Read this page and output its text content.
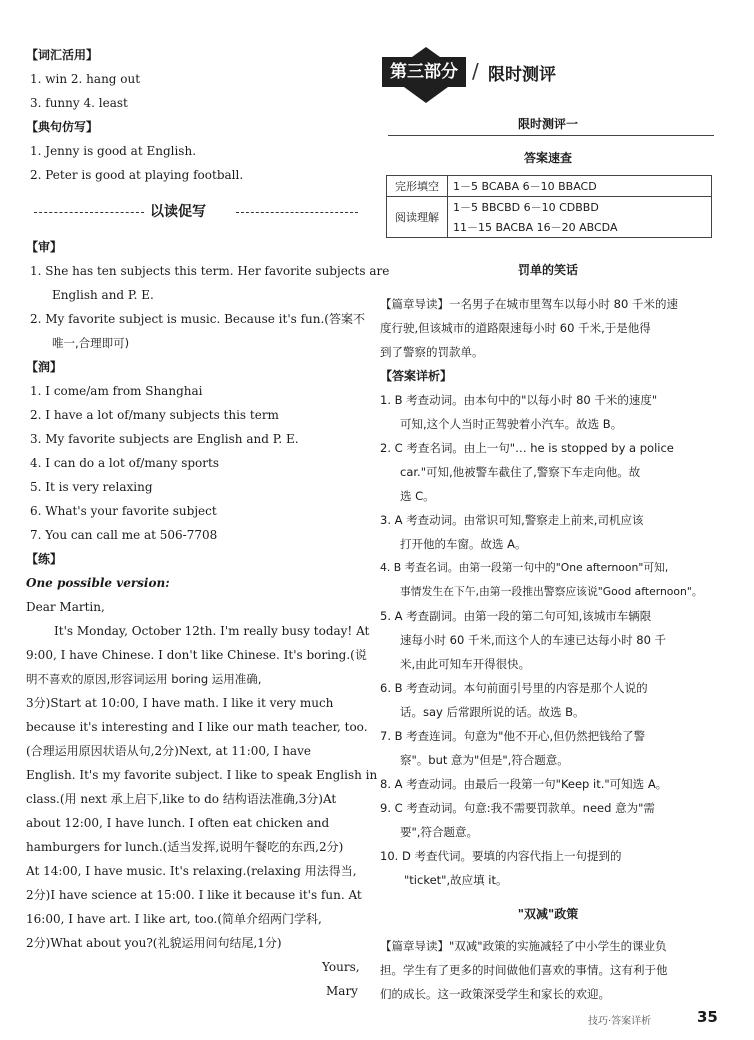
【词汇活用】
1. win 2. hang out
3. funny 4. least
【典句仿写】
1. Jenny is good at English.
2. Peter is good at playing football.
以读促写
【审】
1. She has ten subjects this term. Her favorite subjects are
English and P. E.
2. My favorite subject is music. Because it's fun.(答案不
唯一,合理即可)
【润】
1. I come/am from Shanghai
2. I have a lot of/many subjects this term
3. My favorite subjects are English and P. E.
4. I can do a lot of/many sports
5. It is very relaxing
6. What's your favorite subject
7. You can call me at 506-7708
【练】
One possible version:
Dear Martin,
It's Monday, October 12th. I'm really busy today! At
9:00, I have Chinese. I don't like Chinese. It's boring.(说
明不喜欢的原因,形容词运用 boring 运用准确,
3分)Start at 10:00, I have math. I like it very much
because it's interesting and I like our math teacher, too.
(合理运用原因状语从句,2分)Next, at 11:00, I have
English. It's my favorite subject. I like to speak English in
class.(用 next 承上启下,like to do 结构语法准确,3分)At
about 12:00, I have lunch. I often eat chicken and
hamburgers for lunch.(适当发挥,说明午餐吃的东西,2分)
At 14:00, I have music. It's relaxing.(relaxing 用法得当,
2分)I have science at 15:00. I like it because it's fun. At
16:00, I have art. I like art, too.(简单介绍两门学科,
2分)What about you?(礼貌运用问句结尾,1分)
Yours,
Mary
第三部分 / 限时测评
限时测评一
答案速查
完形填空	1－5 BCABA 6－10 BBACD
阅读理解	1－5 BBCBD 6－10 CDBBD
	11－15 BACBA 16－20 ABCDA
罚单的笑话
【篇章导读】一名男子在城市里驾车以每小时 80 千米的速
度行驶,但该城市的道路限速每小时 60 千米,于是他得
到了警察的罚款单。
【答案详析】
1. B 考查动词。由本句中的"以每小时 80 千米的速度"
可知,这个人当时正驾驶着小汽车。故选 B。
2. C 考查名词。由上一句"… he is stopped by a police
car."可知,他被警车截住了,警察下车走向他。故
选 C。
3. A 考查动词。由常识可知,警察走上前来,司机应该
打开他的车窗。故选 A。
4. B 考查名词。由第一段第一句中的"One afternoon"可知,
事情发生在下午,由第一段推出警察应该说"Good afternoon"。
5. A 考查副词。由第一段的第二句可知,该城市车辆限
速每小时 60 千米,而这个人的车速已达每小时 80 千
米,由此可知车开得很快。
6. B 考查动词。本句前面引号里的内容是那个人说的
话。say 后常跟所说的话。故选 B。
7. B 考查连词。句意为"他不开心,但仍然把钱给了警
察"。but 意为"但是",符合题意。
8. A 考查动词。由最后一段第一句"Keep it."可知选 A。
9. C 考查动词。句意:我不需要罚款单。need 意为"需
要",符合题意。
10. D 考查代词。要填的内容代指上一句提到的
"ticket",故应填 it。
"双减"政策
【篇章导读】"双减"政策的实施减轻了中小学生的课业负
担。学生有了更多的时间做他们喜欢的事情。这有利于他
们的成长。这一政策深受学生和家长的欢迎。
技巧·答案详析	35
